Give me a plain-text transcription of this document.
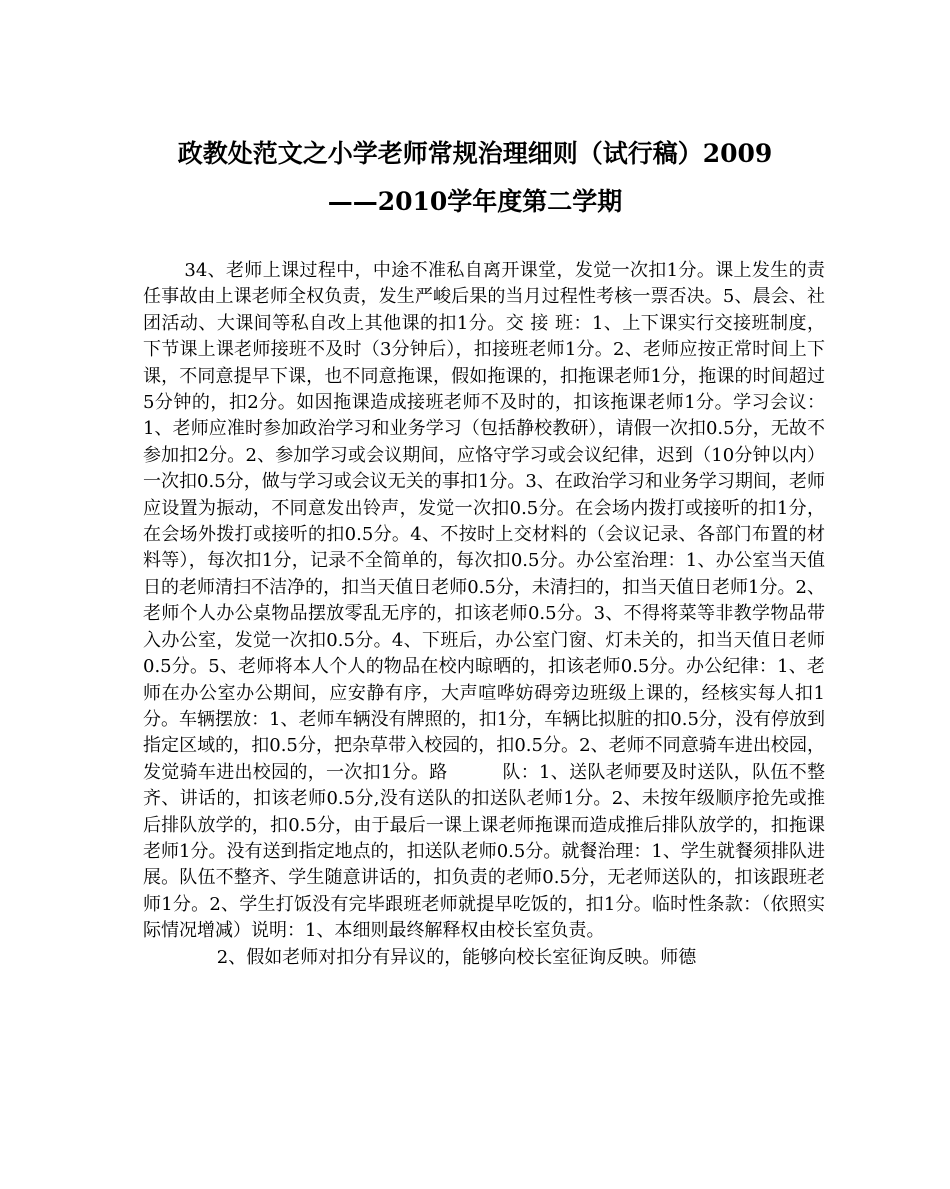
政教处范文之小学老师常规治理细则（试行稿）2009
——2010学年度第二学期

34、老师上课过程中，中途不准私自离开课堂，发觉一次扣1分。课上发生的责任事故由上课老师全权负责，发生严峻后果的当月过程性考核一票否决。5、晨会、社团活动、大课间等私自改上其他课的扣1分。交 接 班：1、上下课实行交接班制度，下节课上课老师接班不及时（3分钟后），扣接班老师1分。2、老师应按正常时间上下课，不同意提早下课，也不同意拖课，假如拖课的，扣拖课老师1分，拖课的时间超过5分钟的，扣2分。如因拖课造成接班老师不及时的，扣该拖课老师1分。学习会议：1、老师应准时参加政治学习和业务学习（包括静校教研），请假一次扣0.5分，无故不参加扣2分。2、参加学习或会议期间，应恪守学习或会议纪律，迟到（10分钟以内）一次扣0.5分，做与学习或会议无关的事扣1分。3、在政治学习和业务学习期间，老师应设置为振动，不同意发出铃声，发觉一次扣0.5分。在会场内拨打或接听的扣1分，在会场外拨打或接听的扣0.5分。4、不按时上交材料的（会议记录、各部门布置的材料等），每次扣1分，记录不全简单的，每次扣0.5分。办公室治理：1、办公室当天值日的老师清扫不洁净的，扣当天值日老师0.5分，未清扫的，扣当天值日老师1分。2、老师个人办公桌物品摆放零乱无序的，扣该老师0.5分。3、不得将菜等非教学物品带入办公室，发觉一次扣0.5分。4、下班后，办公室门窗、灯未关的，扣当天值日老师0.5分。5、老师将本人个人的物品在校内晾晒的，扣该老师0.5分。办公纪律：1、老师在办公室办公期间，应安静有序，大声喧哗妨碍旁边班级上课的，经核实每人扣1分。车辆摆放：1、老师车辆没有牌照的，扣1分，车辆比拟脏的扣0.5分，没有停放到指定区域的，扣0.5分，把杂草带入校园的，扣0.5分。2、老师不同意骑车进出校园，发觉骑车进出校园的，一次扣1分。路　　　队：1、送队老师要及时送队，队伍不整齐、讲话的，扣该老师0.5分,没有送队的扣送队老师1分。2、未按年级顺序抢先或推后排队放学的，扣0.5分，由于最后一课上课老师拖课而造成推后排队放学的，扣拖课老师1分。没有送到指定地点的，扣送队老师0.5分。就餐治理：1、学生就餐须排队进展。队伍不整齐、学生随意讲话的，扣负责的老师0.5分，无老师送队的，扣该跟班老师1分。2、学生打饭没有完毕跟班老师就提早吃饭的，扣1分。临时性条款：（依照实际情况增减）说明：1、本细则最终解释权由校长室负责。

2、假如老师对扣分有异议的，能够向校长室征询反映。师德
